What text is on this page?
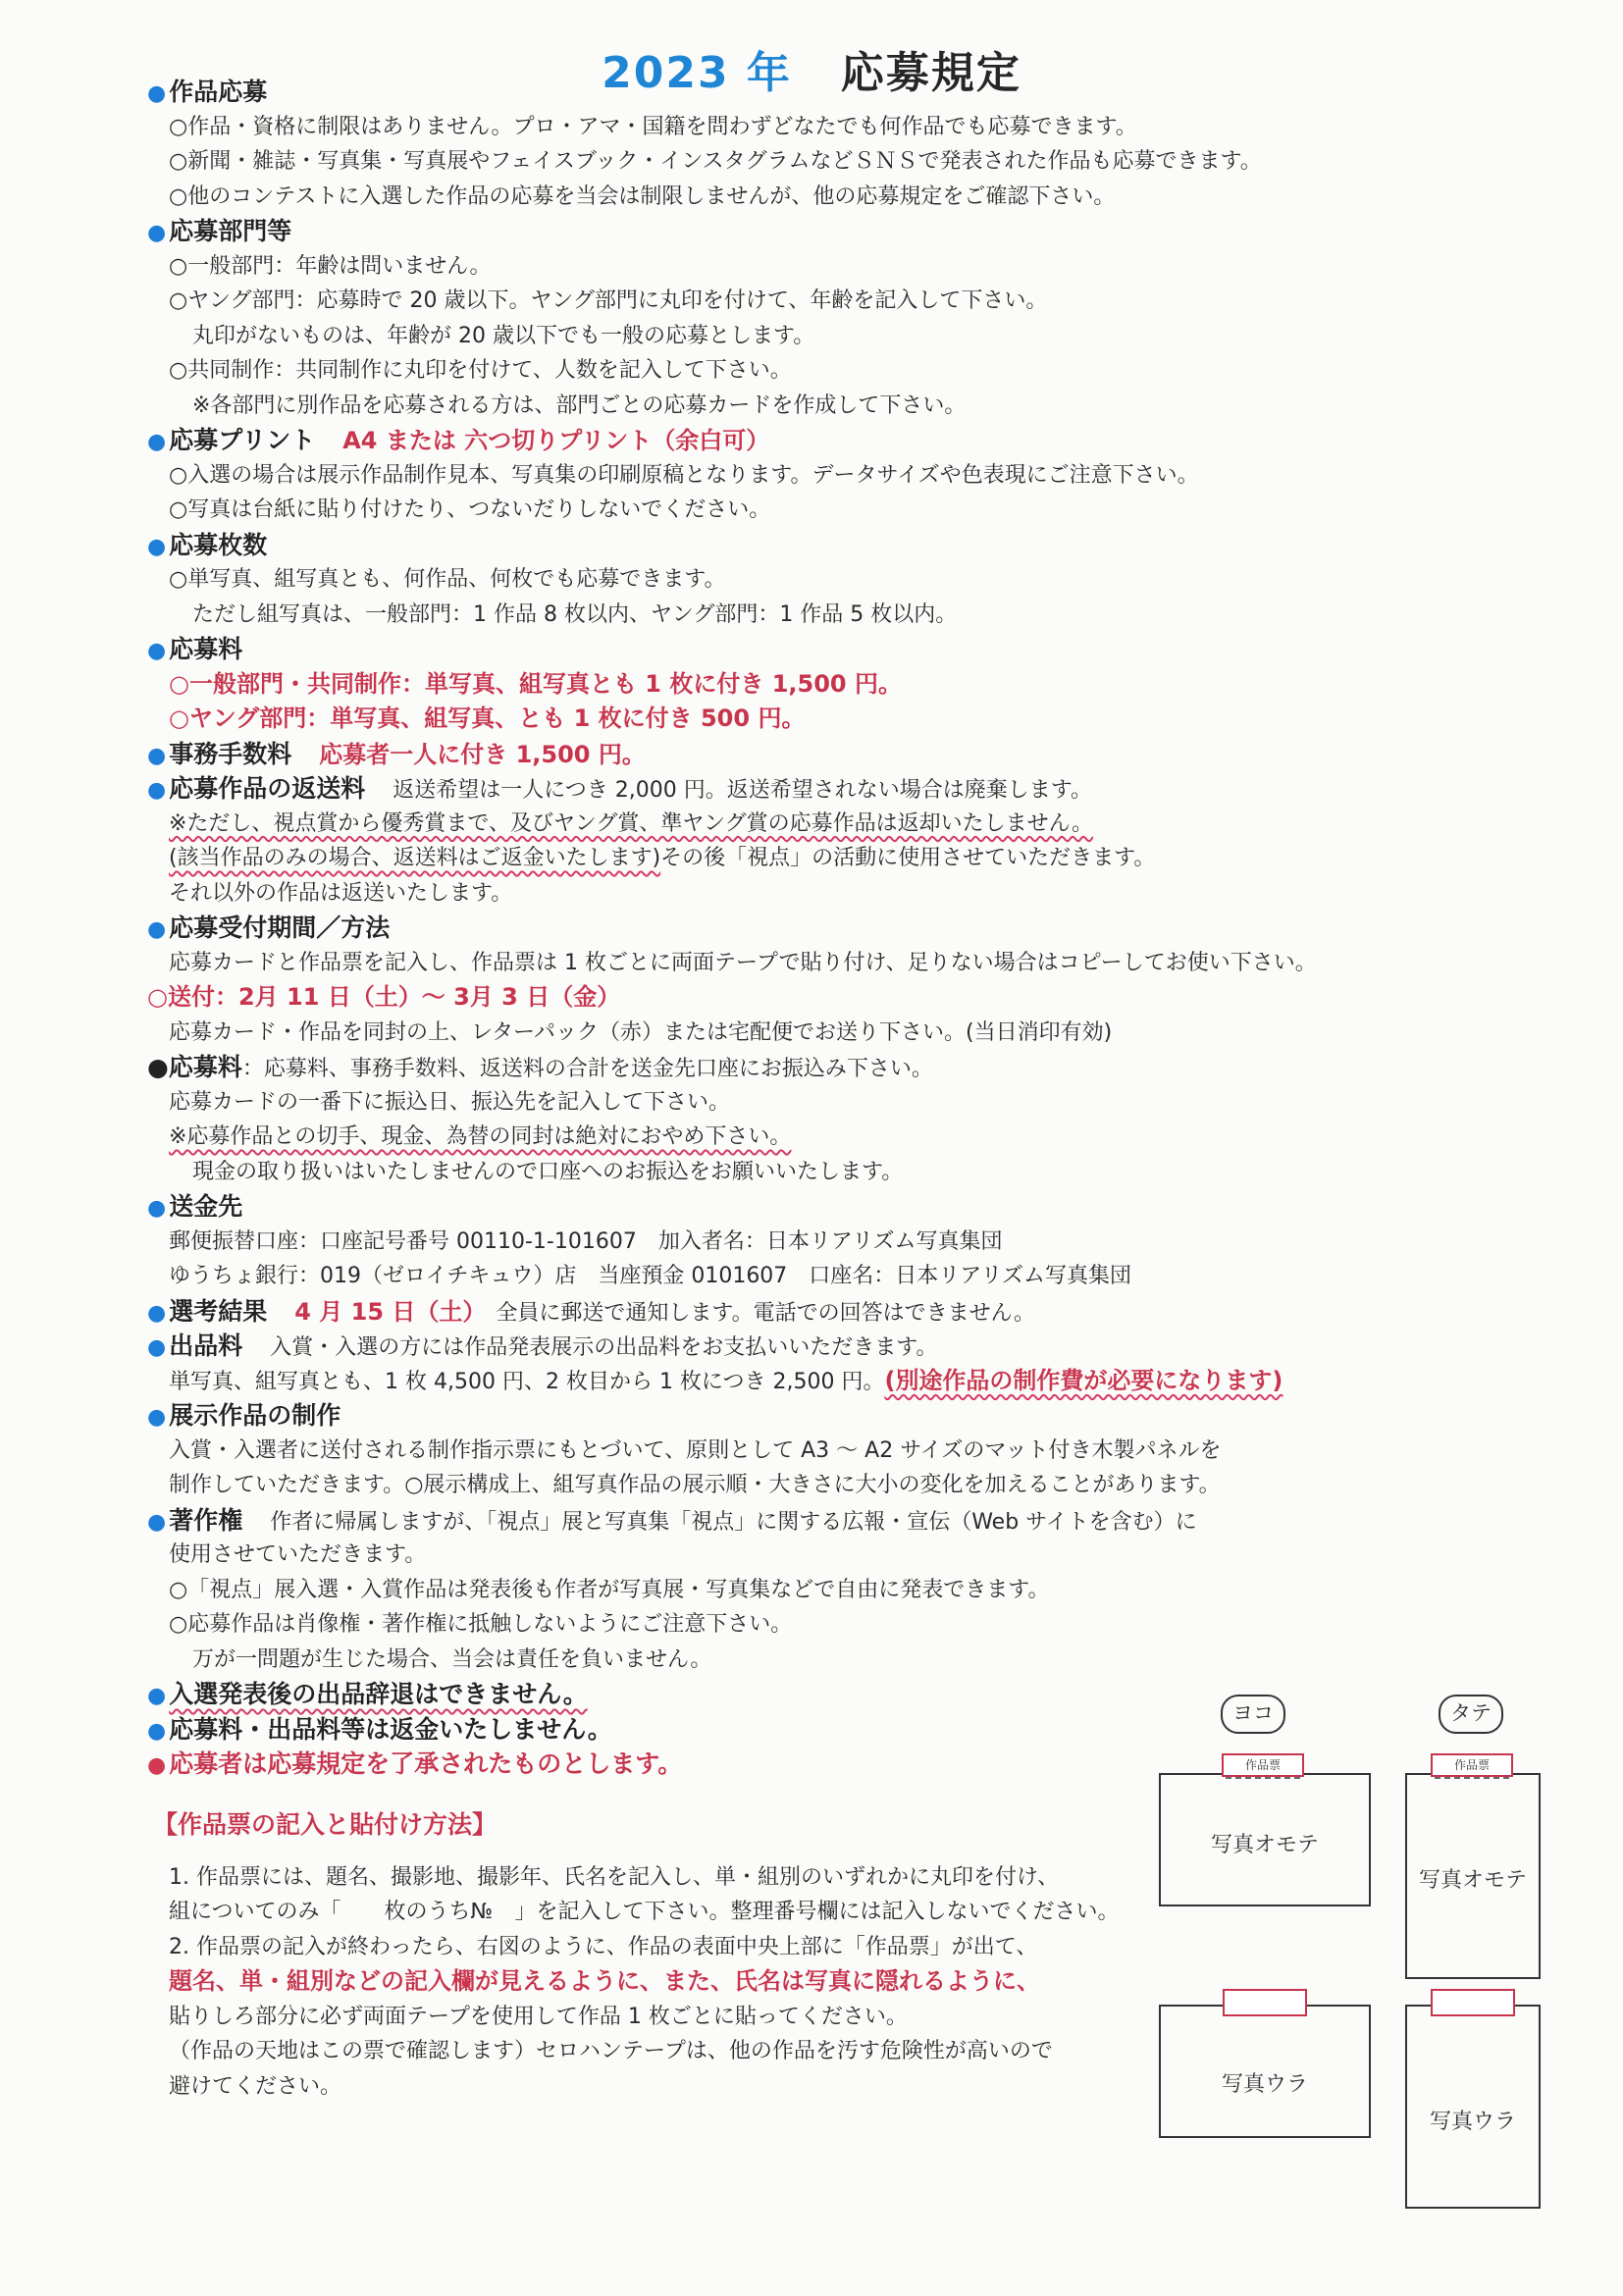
2023 年 応募規定
● 作品応募
○作品・資格に制限はありません。プロ・アマ・国籍を問わずどなたでも何作品でも応募できます。
○新聞・雑誌・写真集・写真展やフェイスブック・インスタグラムなどＳＮＳで発表された作品も応募できます。
○他のコンテストに入選した作品の応募を当会は制限しませんが、他の応募規定をご確認下さい。
● 応募部門等
○一般部門：年齢は問いません。
○ヤング部門：応募時で 20 歳以下。ヤング部門に丸印を付けて、年齢を記入して下さい。
丸印がないものは、年齢が 20 歳以下でも一般の応募とします。
○共同制作：共同制作に丸印を付けて、人数を記入して下さい。
※各部門に別作品を応募される方は、部門ごとの応募カードを作成して下さい。
● 応募プリント A4 または 六つ切りプリント（余白可）
○入選の場合は展示作品制作見本、写真集の印刷原稿となります。データサイズや色表現にご注意下さい。
○写真は台紙に貼り付けたり、つないだりしないでください。
● 応募枚数
○単写真、組写真とも、何作品、何枚でも応募できます。
ただし組写真は、一般部門：1 作品 8 枚以内、ヤング部門：1 作品 5 枚以内。
● 応募料
○一般部門・共同制作：単写真、組写真とも 1 枚に付き 1,500 円。
○ヤング部門：単写真、組写真、とも 1 枚に付き 500 円。
● 事務手数料 応募者一人に付き 1,500 円。
● 応募作品の返送料 返送希望は一人につき 2,000 円。返送希望されない場合は廃棄します。
※ただし、視点賞から優秀賞まで、及びヤング賞、準ヤング賞の応募作品は返却いたしません。
(該当作品のみの場合、返送料はご返金いたします)その後「視点」の活動に使用させていただきます。
それ以外の作品は返送いたします。
● 応募受付期間／方法
応募カードと作品票を記入し、作品票は 1 枚ごとに両面テープで貼り付け、足りない場合はコピーしてお使い下さい。
○送付：2月 11 日（土）～ 3月 3 日（金）
応募カード・作品を同封の上、レターパック（赤）または宅配便でお送り下さい。(当日消印有効)
●応募料：応募料、事務手数料、返送料の合計を送金先口座にお振込み下さい。
応募カードの一番下に振込日、振込先を記入して下さい。
※応募作品との切手、現金、為替の同封は絶対におやめ下さい。
現金の取り扱いはいたしませんので口座へのお振込をお願いいたします。
● 送金先
郵便振替口座：口座記号番号 00110-1-101607　加入者名：日本リアリズム写真集団
ゆうちょ銀行：019（ゼロイチキュウ）店　当座預金 0101607　口座名：日本リアリズム写真集団
● 選考結果 4 月 15 日（土） 全員に郵送で通知します。電話での回答はできません。
● 出品料 入賞・入選の方には作品発表展示の出品料をお支払いいただきます。
単写真、組写真とも、1 枚 4,500 円、2 枚目から 1 枚につき 2,500 円。(別途作品の制作費が必要になります)
● 展示作品の制作
入賞・入選者に送付される制作指示票にもとづいて、原則として A3 ～ A2 サイズのマット付き木製パネルを
制作していただきます。○展示構成上、組写真作品の展示順・大きさに大小の変化を加えることがあります。
● 著作権 作者に帰属しますが、「視点」展と写真集「視点」に関する広報・宣伝（Web サイトを含む）に
使用させていただきます。
○「視点」展入選・入賞作品は発表後も作者が写真展・写真集などで自由に発表できます。
○応募作品は肖像権・著作権に抵触しないようにご注意下さい。
万が一問題が生じた場合、当会は責任を負いません。
● 入選発表後の出品辞退はできません。
● 応募料・出品料等は返金いたしません。
● 応募者は応募規定を了承されたものとします。
【作品票の記入と貼付け方法】
1. 作品票には、題名、撮影地、撮影年、氏名を記入し、単・組別のいずれかに丸印を付け、
組についてのみ「　　枚のうち№　」を記入して下さい。整理番号欄には記入しないでください。
2. 作品票の記入が終わったら、右図のように、作品の表面中央上部に「作品票」が出て、
題名、単・組別などの記入欄が見えるように、また、氏名は写真に隠れるように、
貼りしろ部分に必ず両面テープを使用して作品 1 枚ごとに貼ってください。
（作品の天地はこの票で確認します）セロハンテープは、他の作品を汚す危険性が高いので
避けてください。
ヨコ	タテ
写真オモテ
作品票
写真オモテ
作品票
写真ウラ
写真ウラ
